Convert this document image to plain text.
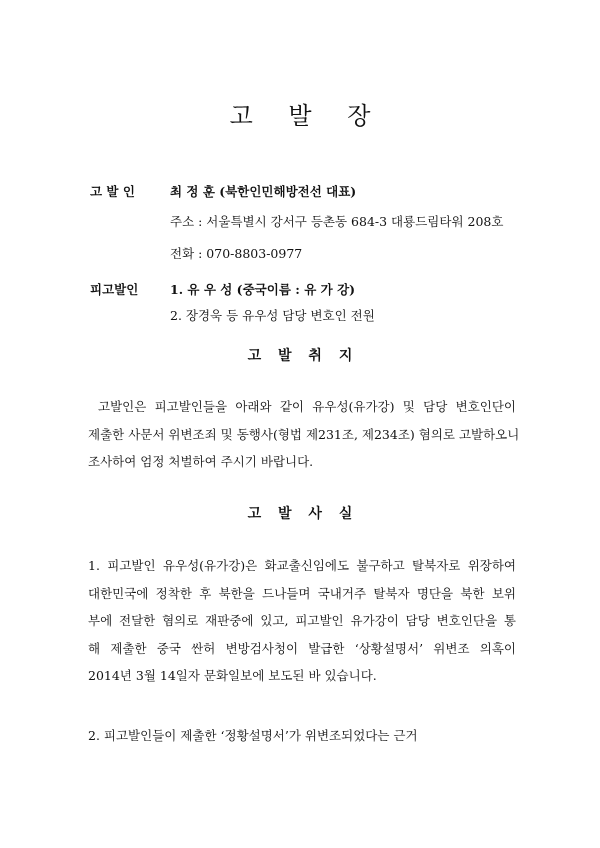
고 발 장
고 발 인	최 정 훈 (북한인민해방전선 대표)
주소 : 서울특별시 강서구 등촌동 684-3 대룡드림타워 208호
전화 : 070-8803-0977
피고발인	1. 유 우 성 (중국이름 : 유 가 강)
2. 장경욱 등 유우성 담당 변호인 전원
고 발 취 지
고발인은 피고발인들을 아래와 같이 유우성(유가강) 및 담당 변호인단이
제출한 사문서 위변조죄 및 동행사(형법 제231조, 제234조) 혐의로 고발하오니
조사하여 엄정 처벌하여 주시기 바랍니다.
고 발 사 실
1. 피고발인 유우성(유가강)은 화교출신임에도 불구하고 탈북자로 위장하여
대한민국에 정착한 후 북한을 드나들며 국내거주 탈북자 명단을 북한 보위
부에 전달한 혐의로 재판중에 있고, 피고발인 유가강이 담당 변호인단을 통
해 제출한 중국 싼허 변방검사청이 발급한 ‘상황설명서’ 위변조 의혹이
2014년 3월 14일자 문화일보에 보도된 바 있습니다.
2. 피고발인들이 제출한 ‘정황설명서’가 위변조되었다는 근거
